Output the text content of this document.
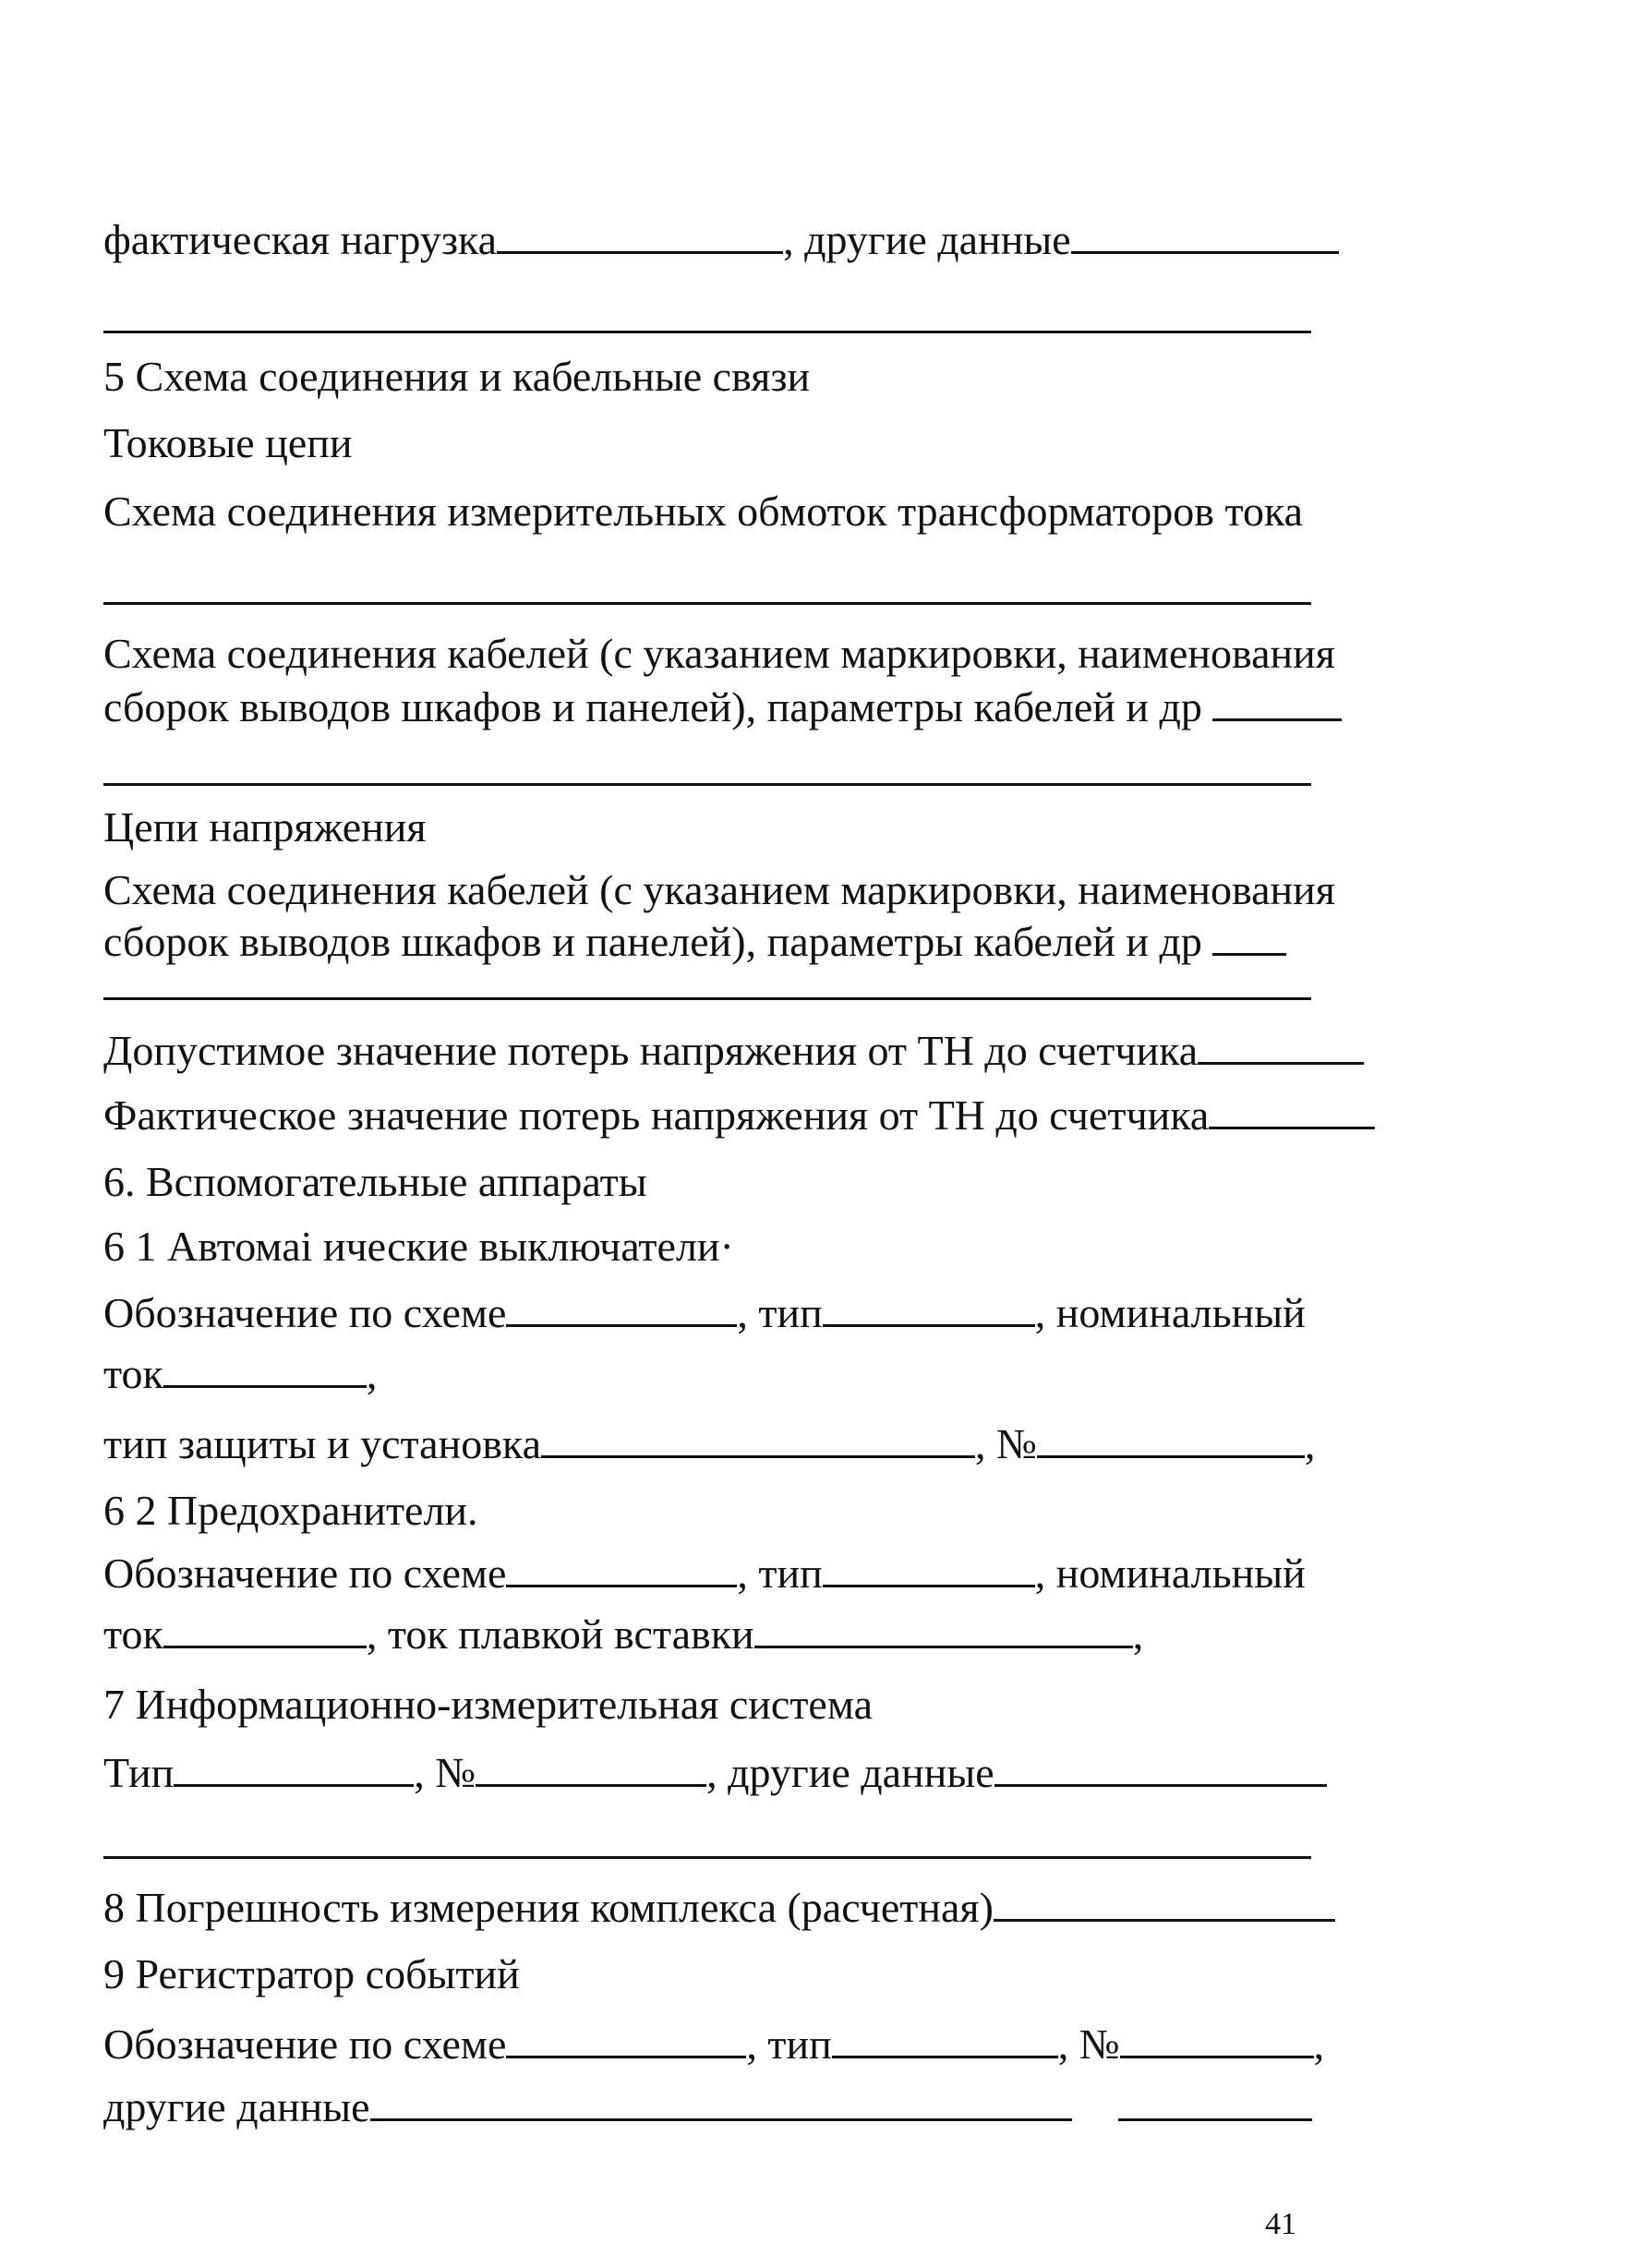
фактическая нагрузка	, другие данные
5 Схема соединения и кабельные связи
Токовые цепи
Схема соединения измерительных обмоток трансформаторов тока
Схема соединения кабелей (с указанием маркировки, наименования
сборок выводов шкафов и панелей), параметры кабелей и др
Цепи напряжения
Схема соединения кабелей (с указанием маркировки, наименования
сборок выводов шкафов и панелей), параметры кабелей и др
Допустимое значение потерь напряжения от ТН до счетчика
Фактическое значение потерь напряжения от ТН до счетчика
6. Вспомогательные аппараты
6 1 Автомаi ические выключатели·
Обозначение по схеме	, тип	, номинальный
ток	,
тип защиты и установка	, №	,
6 2 Предохранители.
Обозначение по схеме	, тип	, номинальный
ток	, ток плавкой вставки	,
7 Информационно-измерительная система
Тип	, №	, другие данные
8 Погрешность измерения комплекса (расчетная)
9 Регистратор событий
Обозначение по схеме	, тип	, №	,
другие данные
41
